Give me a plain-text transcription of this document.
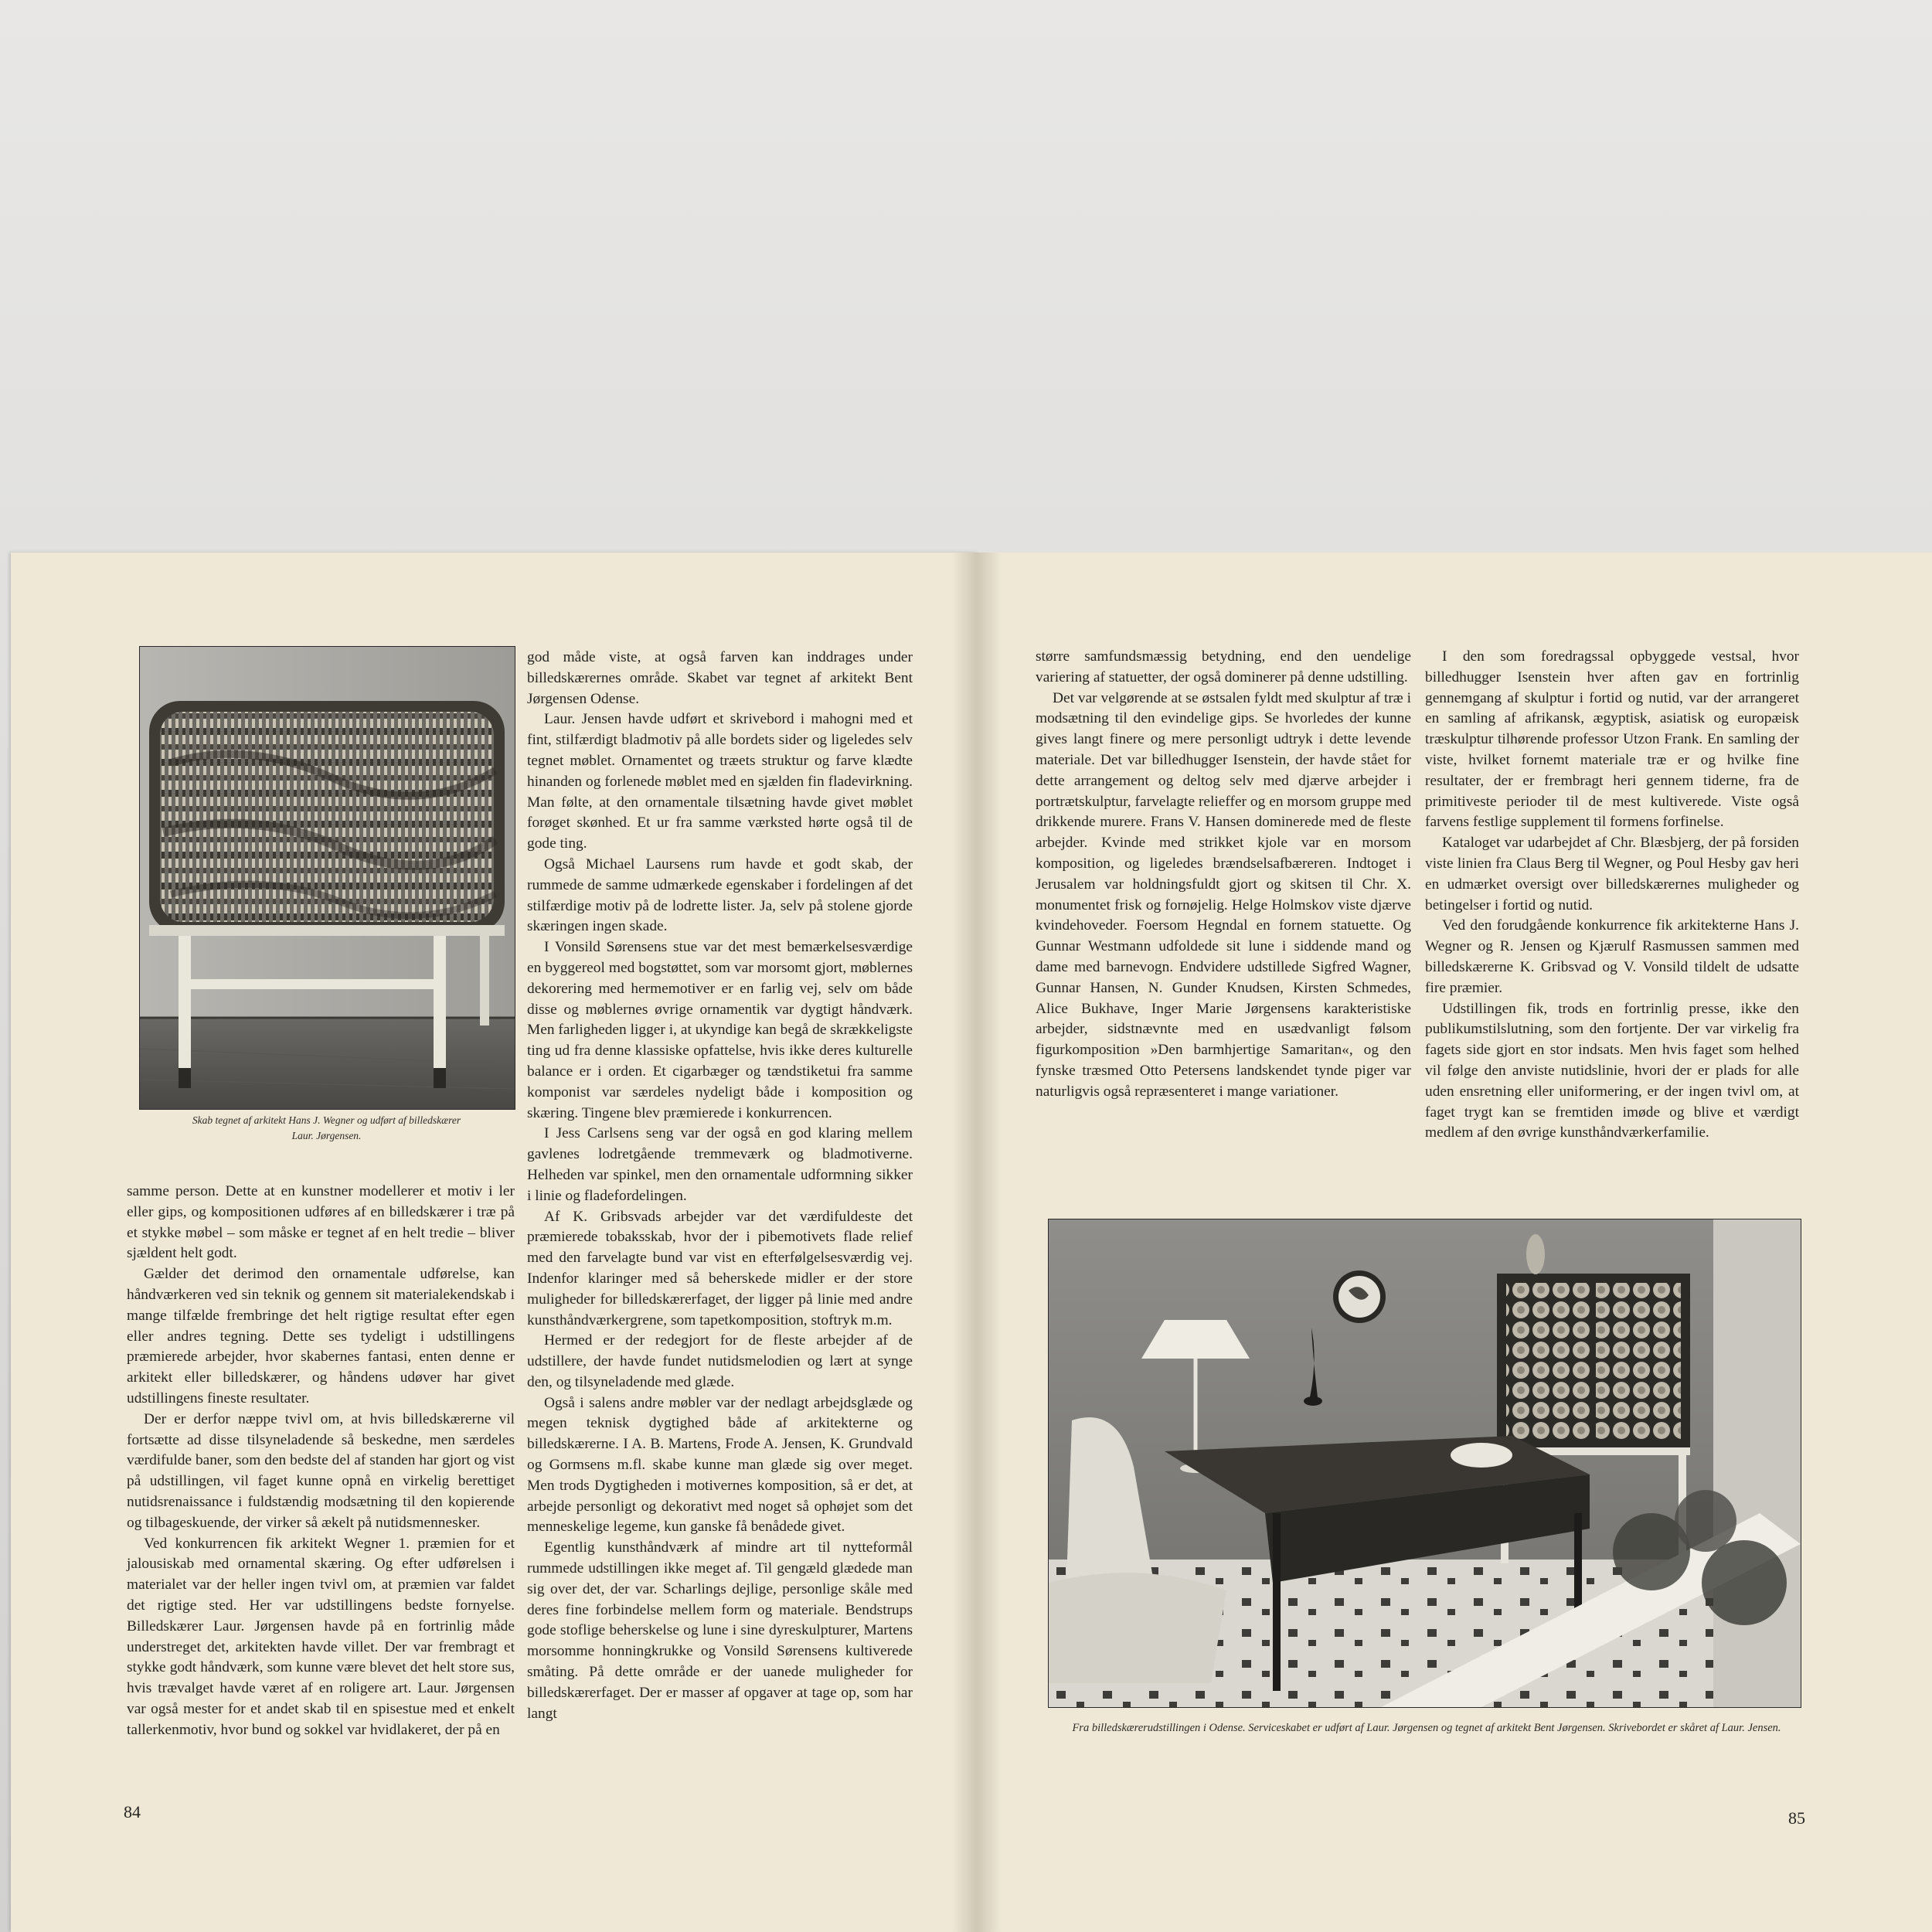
Skab tegnet af arkitekt Hans J. Wegner og udført af billedskærer
Laur. Jørgensen.

samme person. Dette at en kunstner modellerer et motiv i ler eller gips, og kompositionen udføres af en billedskærer i træ på et stykke møbel – som måske er tegnet af en helt tredie – bliver sjældent helt godt.

Gælder det derimod den ornamentale udførelse, kan håndværkeren ved sin teknik og gennem sit materialekendskab i mange tilfælde frembringe det helt rigtige resultat efter egen eller andres tegning. Dette ses tydeligt i udstillingens præmierede arbejder, hvor skabernes fantasi, enten denne er arkitekt eller billedskærer, og håndens udøver har givet udstillingens fineste resultater.

Der er derfor næppe tvivl om, at hvis billedskærerne vil fortsætte ad disse tilsyneladende så beskedne, men særdeles værdifulde baner, som den bedste del af standen har gjort og vist på udstillingen, vil faget kunne opnå en virkelig berettiget nutidsrenaissance i fuldstændig modsætning til den kopierende og tilbageskuende, der virker så ækelt på nutidsmennesker.

Ved konkurrencen fik arkitekt Wegner 1. præmien for et jalousiskab med ornamental skæring. Og efter udførelsen i materialet var der heller ingen tvivl om, at præmien var faldet det rigtige sted. Her var udstillingens bedste fornyelse. Billedskærer Laur. Jørgensen havde på en fortrinlig måde understreget det, arkitekten havde villet. Der var frembragt et stykke godt håndværk, som kunne være blevet det helt store sus, hvis trævalget havde været af en roligere art. Laur. Jørgensen var også mester for et andet skab til en spisestue med et enkelt tallerkenmotiv, hvor bund og sokkel var hvidlakeret, der på en

god måde viste, at også farven kan inddrages under billedskærernes område. Skabet var tegnet af arkitekt Bent Jørgensen Odense.

Laur. Jensen havde udført et skrivebord i mahogni med et fint, stilfærdigt bladmotiv på alle bordets sider og ligeledes selv tegnet møblet. Ornamentet og træets struktur og farve klædte hinanden og forlenede møblet med en sjælden fin fladevirkning. Man følte, at den ornamentale tilsætning havde givet møblet forøget skønhed. Et ur fra samme værksted hørte også til de gode ting.

Også Michael Laursens rum havde et godt skab, der rummede de samme udmærkede egenskaber i fordelingen af det stilfærdige motiv på de lodrette lister. Ja, selv på stolene gjorde skæringen ingen skade.

I Vonsild Sørensens stue var det mest bemærkelsesværdige en byggereol med bogstøttet, som var morsomt gjort, møblernes dekorering med hermemotiver er en farlig vej, selv om både disse og møblernes øvrige ornamentik var dygtigt håndværk. Men farligheden ligger i, at ukyndige kan begå de skrækkeligste ting ud fra denne klassiske opfattelse, hvis ikke deres kulturelle balance er i orden. Et cigarbæger og tændstiketui fra samme komponist var særdeles nydeligt både i komposition og skæring. Tingene blev præmierede i konkurrencen.

I Jess Carlsens seng var der også en god klaring mellem gavlenes lodretgående tremmeværk og bladmotiverne. Helheden var spinkel, men den ornamentale udformning sikker i linie og fladefordelingen.

Af K. Gribsvads arbejder var det værdifuldeste det præmierede tobaksskab, hvor der i pibemotivets flade relief med den farvelagte bund var vist en efterfølgelsesværdig vej. Indenfor klaringer med så beherskede midler er der store muligheder for billedskærerfaget, der ligger på linie med andre kunsthåndværkergrene, som tapetkomposition, stoftryk m.m.

Hermed er der redegjort for de fleste arbejder af de udstillere, der havde fundet nutidsmelodien og lært at synge den, og tilsyneladende med glæde.

Også i salens andre møbler var der nedlagt arbejdsglæde og megen teknisk dygtighed både af arkitekterne og billedskærerne. I A. B. Martens, Frode A. Jensen, K. Grundvald og Gormsens m.fl. skabe kunne man glæde sig over meget. Men trods Dygtigheden i motivernes komposition, så er det, at arbejde personligt og dekorativt med noget så ophøjet som det menneskelige legeme, kun ganske få benådede givet.

Egentlig kunsthåndværk af mindre art til nytteformål rummede udstillingen ikke meget af. Til gengæld glædede man sig over det, der var. Scharlings dejlige, personlige skåle med deres fine forbindelse mellem form og materiale. Bendstrups gode stoflige beherskelse og lune i sine dyreskulpturer, Martens morsomme honningkrukke og Vonsild Sørensens kultiverede småting. På dette område er der uanede muligheder for billedskærerfaget. Der er masser af opgaver at tage op, som har langt

84

større samfundsmæssig betydning, end den uendelige variering af statuetter, der også dominerer på denne udstilling.

Det var velgørende at se østsalen fyldt med skulptur af træ i modsætning til den evindelige gips. Se hvorledes der kunne gives langt finere og mere personligt udtryk i dette levende materiale. Det var billedhugger Isenstein, der havde stået for dette arrangement og deltog selv med djærve arbejder i portrætskulptur, farvelagte relieffer og en morsom gruppe med drikkende murere. Frans V. Hansen dominerede med de fleste arbejder. Kvinde med strikket kjole var en morsom komposition, og ligeledes brændselsafbæreren. Indtoget i Jerusalem var holdningsfuldt gjort og skitsen til Chr. X. monumentet frisk og fornøjelig. Helge Holmskov viste djærve kvindehoveder. Foersom Hegndal en fornem statuette. Og Gunnar Westmann udfoldede sit lune i siddende mand og dame med barnevogn. Endvidere udstillede Sigfred Wagner, Gunnar Hansen, N. Gunder Knudsen, Kirsten Schmedes, Alice Bukhave, Inger Marie Jørgensens karakteristiske arbejder, sidstnævnte med en usædvanligt følsom figurkomposition »Den barmhjertige Samaritan«, og den fynske træsmed Otto Petersens landskendet tynde piger var naturligvis også repræsenteret i mange variationer.

I den som foredragssal opbyggede vestsal, hvor billedhugger Isenstein hver aften gav en fortrinlig gennemgang af skulptur i fortid og nutid, var der arrangeret en samling af afrikansk, ægyptisk, asiatisk og europæisk træskulptur tilhørende professor Utzon Frank. En samling der viste, hvilket fornemt materiale træ er og hvilke fine resultater, der er frembragt heri gennem tiderne, fra de primitiveste perioder til de mest kultiverede. Viste også farvens festlige supplement til formens forfinelse.

Kataloget var udarbejdet af Chr. Blæsbjerg, der på forsiden viste linien fra Claus Berg til Wegner, og Poul Hesby gav heri en udmærket oversigt over billedskærernes muligheder og betingelser i fortid og nutid.

Ved den forudgående konkurrence fik arkitekterne Hans J. Wegner og R. Jensen og Kjærulf Rasmussen sammen med billedskærerne K. Gribsvad og V. Vonsild tildelt de udsatte fire præmier.

Udstillingen fik, trods en fortrinlig presse, ikke den publikumstilslutning, som den fortjente. Der var virkelig fra fagets side gjort en stor indsats. Men hvis faget som helhed vil følge den anviste nutidslinie, hvori der er plads for alle uden ensretning eller uniformering, er der ingen tvivl om, at faget trygt kan se fremtiden imøde og blive et værdigt medlem af den øvrige kunsthåndværkerfamilie.

Fra billedskærerudstillingen i Odense. Serviceskabet er udført af Laur. Jørgensen og tegnet af arkitekt Bent Jørgensen. Skrivebordet er skåret af Laur. Jensen.
85
